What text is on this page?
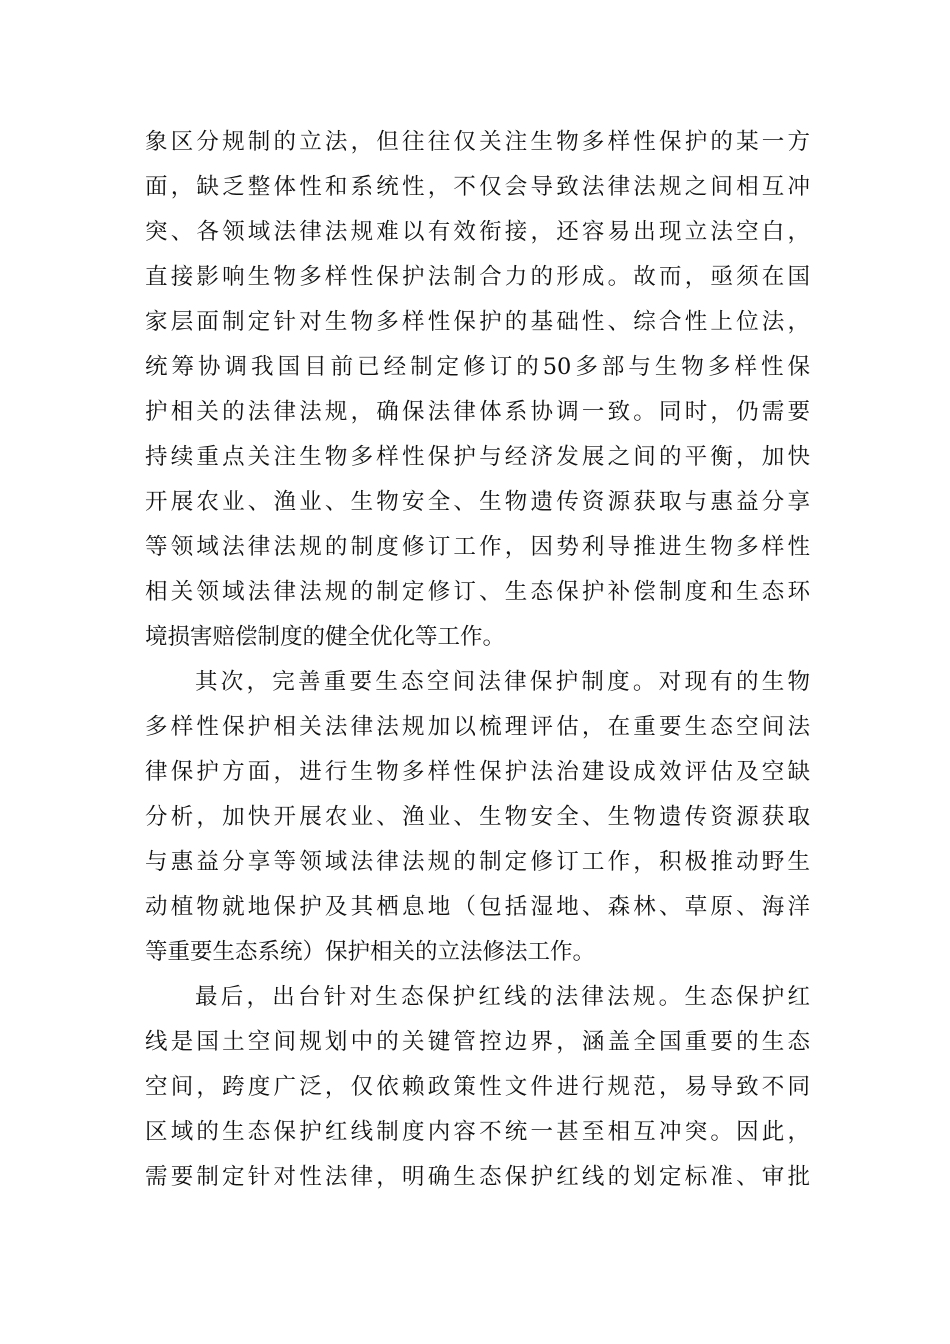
象区分规制的立法，但往往仅关注生物多样性保护的某一方
面，缺乏整体性和系统性，不仅会导致法律法规之间相互冲
突、各领域法律法规难以有效衔接，还容易出现立法空白，
直接影响生物多样性保护法制合力的形成。故而，亟须在国
家层面制定针对生物多样性保护的基础性、综合性上位法，
统筹协调我国目前已经制定修订的50多部与生物多样性保
护相关的法律法规，确保法律体系协调一致。同时，仍需要
持续重点关注生物多样性保护与经济发展之间的平衡，加快
开展农业、渔业、生物安全、生物遗传资源获取与惠益分享
等领域法律法规的制度修订工作，因势利导推进生物多样性
相关领域法律法规的制定修订、生态保护补偿制度和生态环
境损害赔偿制度的健全优化等工作。
其次，完善重要生态空间法律保护制度。对现有的生物
多样性保护相关法律法规加以梳理评估，在重要生态空间法
律保护方面，进行生物多样性保护法治建设成效评估及空缺
分析，加快开展农业、渔业、生物安全、生物遗传资源获取
与惠益分享等领域法律法规的制定修订工作，积极推动野生
动植物就地保护及其栖息地（包括湿地、森林、草原、海洋
等重要生态系统）保护相关的立法修法工作。
最后，出台针对生态保护红线的法律法规。生态保护红
线是国土空间规划中的关键管控边界，涵盖全国重要的生态
空间，跨度广泛，仅依赖政策性文件进行规范，易导致不同
区域的生态保护红线制度内容不统一甚至相互冲突。因此，
需要制定针对性法律，明确生态保护红线的划定标准、审批
